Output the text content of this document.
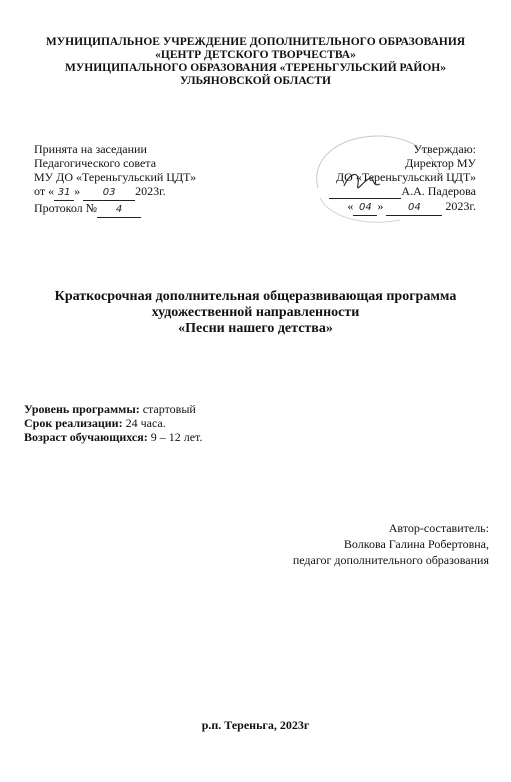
МУНИЦИПАЛЬНОЕ УЧРЕЖДЕНИЕ ДОПОЛНИТЕЛЬНОГО ОБРАЗОВАНИЯ
«ЦЕНТР ДЕТСКОГО ТВОРЧЕСТВА»
МУНИЦИПАЛЬНОГО ОБРАЗОВАНИЯ «ТЕРЕНЬГУЛЬСКИЙ РАЙОН»
УЛЬЯНОВСКОЙ ОБЛАСТИ
Принята на заседании
Педагогического совета
МУ ДО «Тереньгульский ЦДТ»
от « 31 » 03 2023г.
Протокол № 4
Утверждаю:
Директор МУ
ДО «Тереньгульский ЦДТ»
А.А. Падерова
« 04 » 04 2023г.
Краткосрочная дополнительная общеразвивающая программа
художественной направленности
«Песни нашего детства»
Уровень программы: стартовый
Срок реализации: 24 часа.
Возраст обучающихся: 9 – 12 лет.
Автор-составитель:
Волкова Галина Робертовна,
педагог дополнительного образования
р.п. Тереньга, 2023г
